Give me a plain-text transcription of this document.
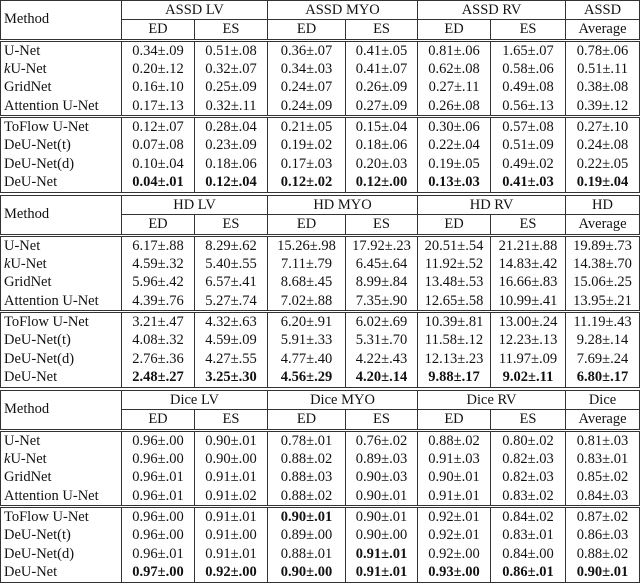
Method	ASSD LV		ASSD MYO		ASSD RV		ASSD
	ED	ES	ED	ES	ED	ES	Average
U-Net	0.34±.09	0.51±.08	0.36±.07	0.41±.05	0.81±.06	1.65±.07	0.78±.06
kU-Net	0.20±.12	0.32±.07	0.34±.03	0.41±.07	0.62±.08	0.58±.06	0.51±.11
GridNet	0.16±.10	0.25±.09	0.24±.07	0.26±.09	0.27±.11	0.49±.08	0.38±.08
Attention U-Net	0.17±.13	0.32±.11	0.24±.09	0.27±.09	0.26±.08	0.56±.13	0.39±.12
ToFlow U-Net	0.12±.07	0.28±.04	0.21±.05	0.15±.04	0.30±.06	0.57±.08	0.27±.10
DeU-Net(t)	0.07±.08	0.23±.09	0.19±.02	0.18±.06	0.22±.04	0.51±.09	0.24±.08
DeU-Net(d)	0.10±.04	0.18±.06	0.17±.03	0.20±.03	0.19±.05	0.49±.02	0.22±.05
DeU-Net	0.04±.01	0.12±.04	0.12±.02	0.12±.00	0.13±.03	0.41±.03	0.19±.04
Method	HD LV		HD MYO		HD RV		HD
	ED	ES	ED	ES	ED	ES	Average
U-Net	6.17±.88	8.29±.62	15.26±.98	17.92±.23	20.51±.54	21.21±.88	19.89±.73
kU-Net	4.59±.32	5.40±.55	7.11±.79	6.45±.64	11.92±.52	14.83±.42	14.38±.70
GridNet	5.96±.42	6.57±.41	8.68±.45	8.99±.84	13.48±.53	16.66±.83	15.06±.25
Attention U-Net	4.39±.76	5.27±.74	7.02±.88	7.35±.90	12.65±.58	10.99±.41	13.95±.21
ToFlow U-Net	3.21±.47	4.32±.63	6.20±.91	6.02±.69	10.39±.81	13.00±.24	11.19±.43
DeU-Net(t)	4.08±.32	4.59±.09	5.91±.33	5.31±.70	11.58±.12	12.23±.13	9.28±.14
DeU-Net(d)	2.76±.36	4.27±.55	4.77±.40	4.22±.43	12.13±.23	11.97±.09	7.69±.24
DeU-Net	2.48±.27	3.25±.30	4.56±.29	4.20±.14	9.88±.17	9.02±.11	6.80±.17
Method	Dice LV		Dice MYO		Dice RV		Dice
	ED	ES	ED	ES	ED	ES	Average
U-Net	0.96±.00	0.90±.01	0.78±.01	0.76±.02	0.88±.02	0.80±.02	0.81±.03
kU-Net	0.96±.00	0.90±.00	0.88±.02	0.89±.03	0.91±.03	0.82±.03	0.83±.01
GridNet	0.96±.01	0.91±.01	0.88±.03	0.90±.03	0.90±.01	0.82±.03	0.85±.02
Attention U-Net	0.96±.01	0.91±.02	0.88±.02	0.90±.01	0.91±.01	0.83±.02	0.84±.03
ToFlow U-Net	0.96±.00	0.91±.01	0.90±.01	0.90±.01	0.92±.01	0.84±.02	0.87±.02
DeU-Net(t)	0.96±.00	0.91±.00	0.89±.00	0.90±.00	0.92±.01	0.83±.01	0.86±.03
DeU-Net(d)	0.96±.01	0.91±.01	0.88±.01	0.91±.01	0.92±.00	0.84±.00	0.88±.02
DeU-Net	0.97±.00	0.92±.00	0.90±.00	0.91±.01	0.93±.00	0.86±.01	0.90±.01
